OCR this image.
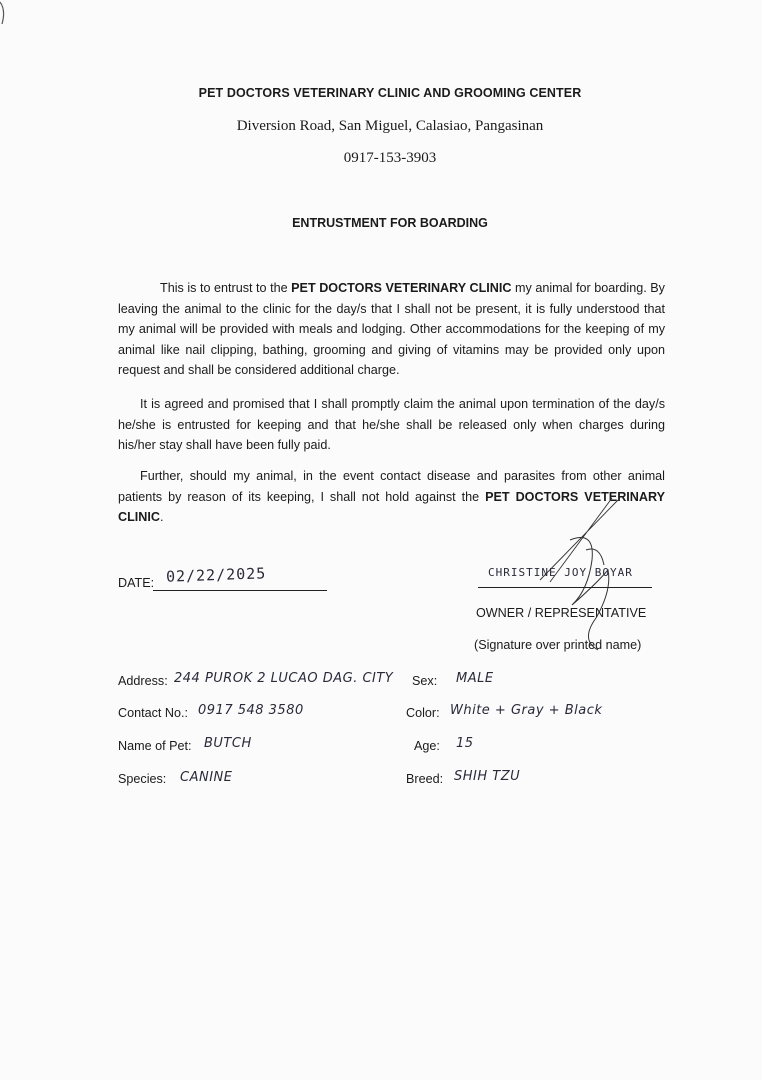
PET DOCTORS VETERINARY CLINIC AND GROOMING CENTER
Diversion Road, San Miguel, Calasiao, Pangasinan
0917-153-3903
ENTRUSTMENT FOR BOARDING
This is to entrust to the PET DOCTORS VETERINARY CLINIC my animal for boarding. By leaving the animal to the clinic for the day/s that I shall not be present, it is fully understood that my animal will be provided with meals and lodging. Other accommodations for the keeping of my animal like nail clipping, bathing, grooming and giving of vitamins may be provided only upon request and shall be considered additional charge.
It is agreed and promised that I shall promptly claim the animal upon termination of the day/s he/she is entrusted for keeping and that he/she shall be released only when charges during his/her stay shall have been fully paid.
Further, should my animal, in the event contact disease and parasites from other animal patients by reason of its keeping, I shall not hold against the PET DOCTORS VETERINARY CLINIC.
DATE: 02/22/2025	CHRISTINE JOY BOYAR
OWNER / REPRESENTATIVE
(Signature over printed name)
Address: 244 PUROK 2 LUCAO DAG. CITY
Contact No.: 0917 548 3580
Name of Pet: BUTCH
Species: CANINE
Sex: MALE
Color: White + Gray + Black
Age: 15
Breed: SHIH TZU
